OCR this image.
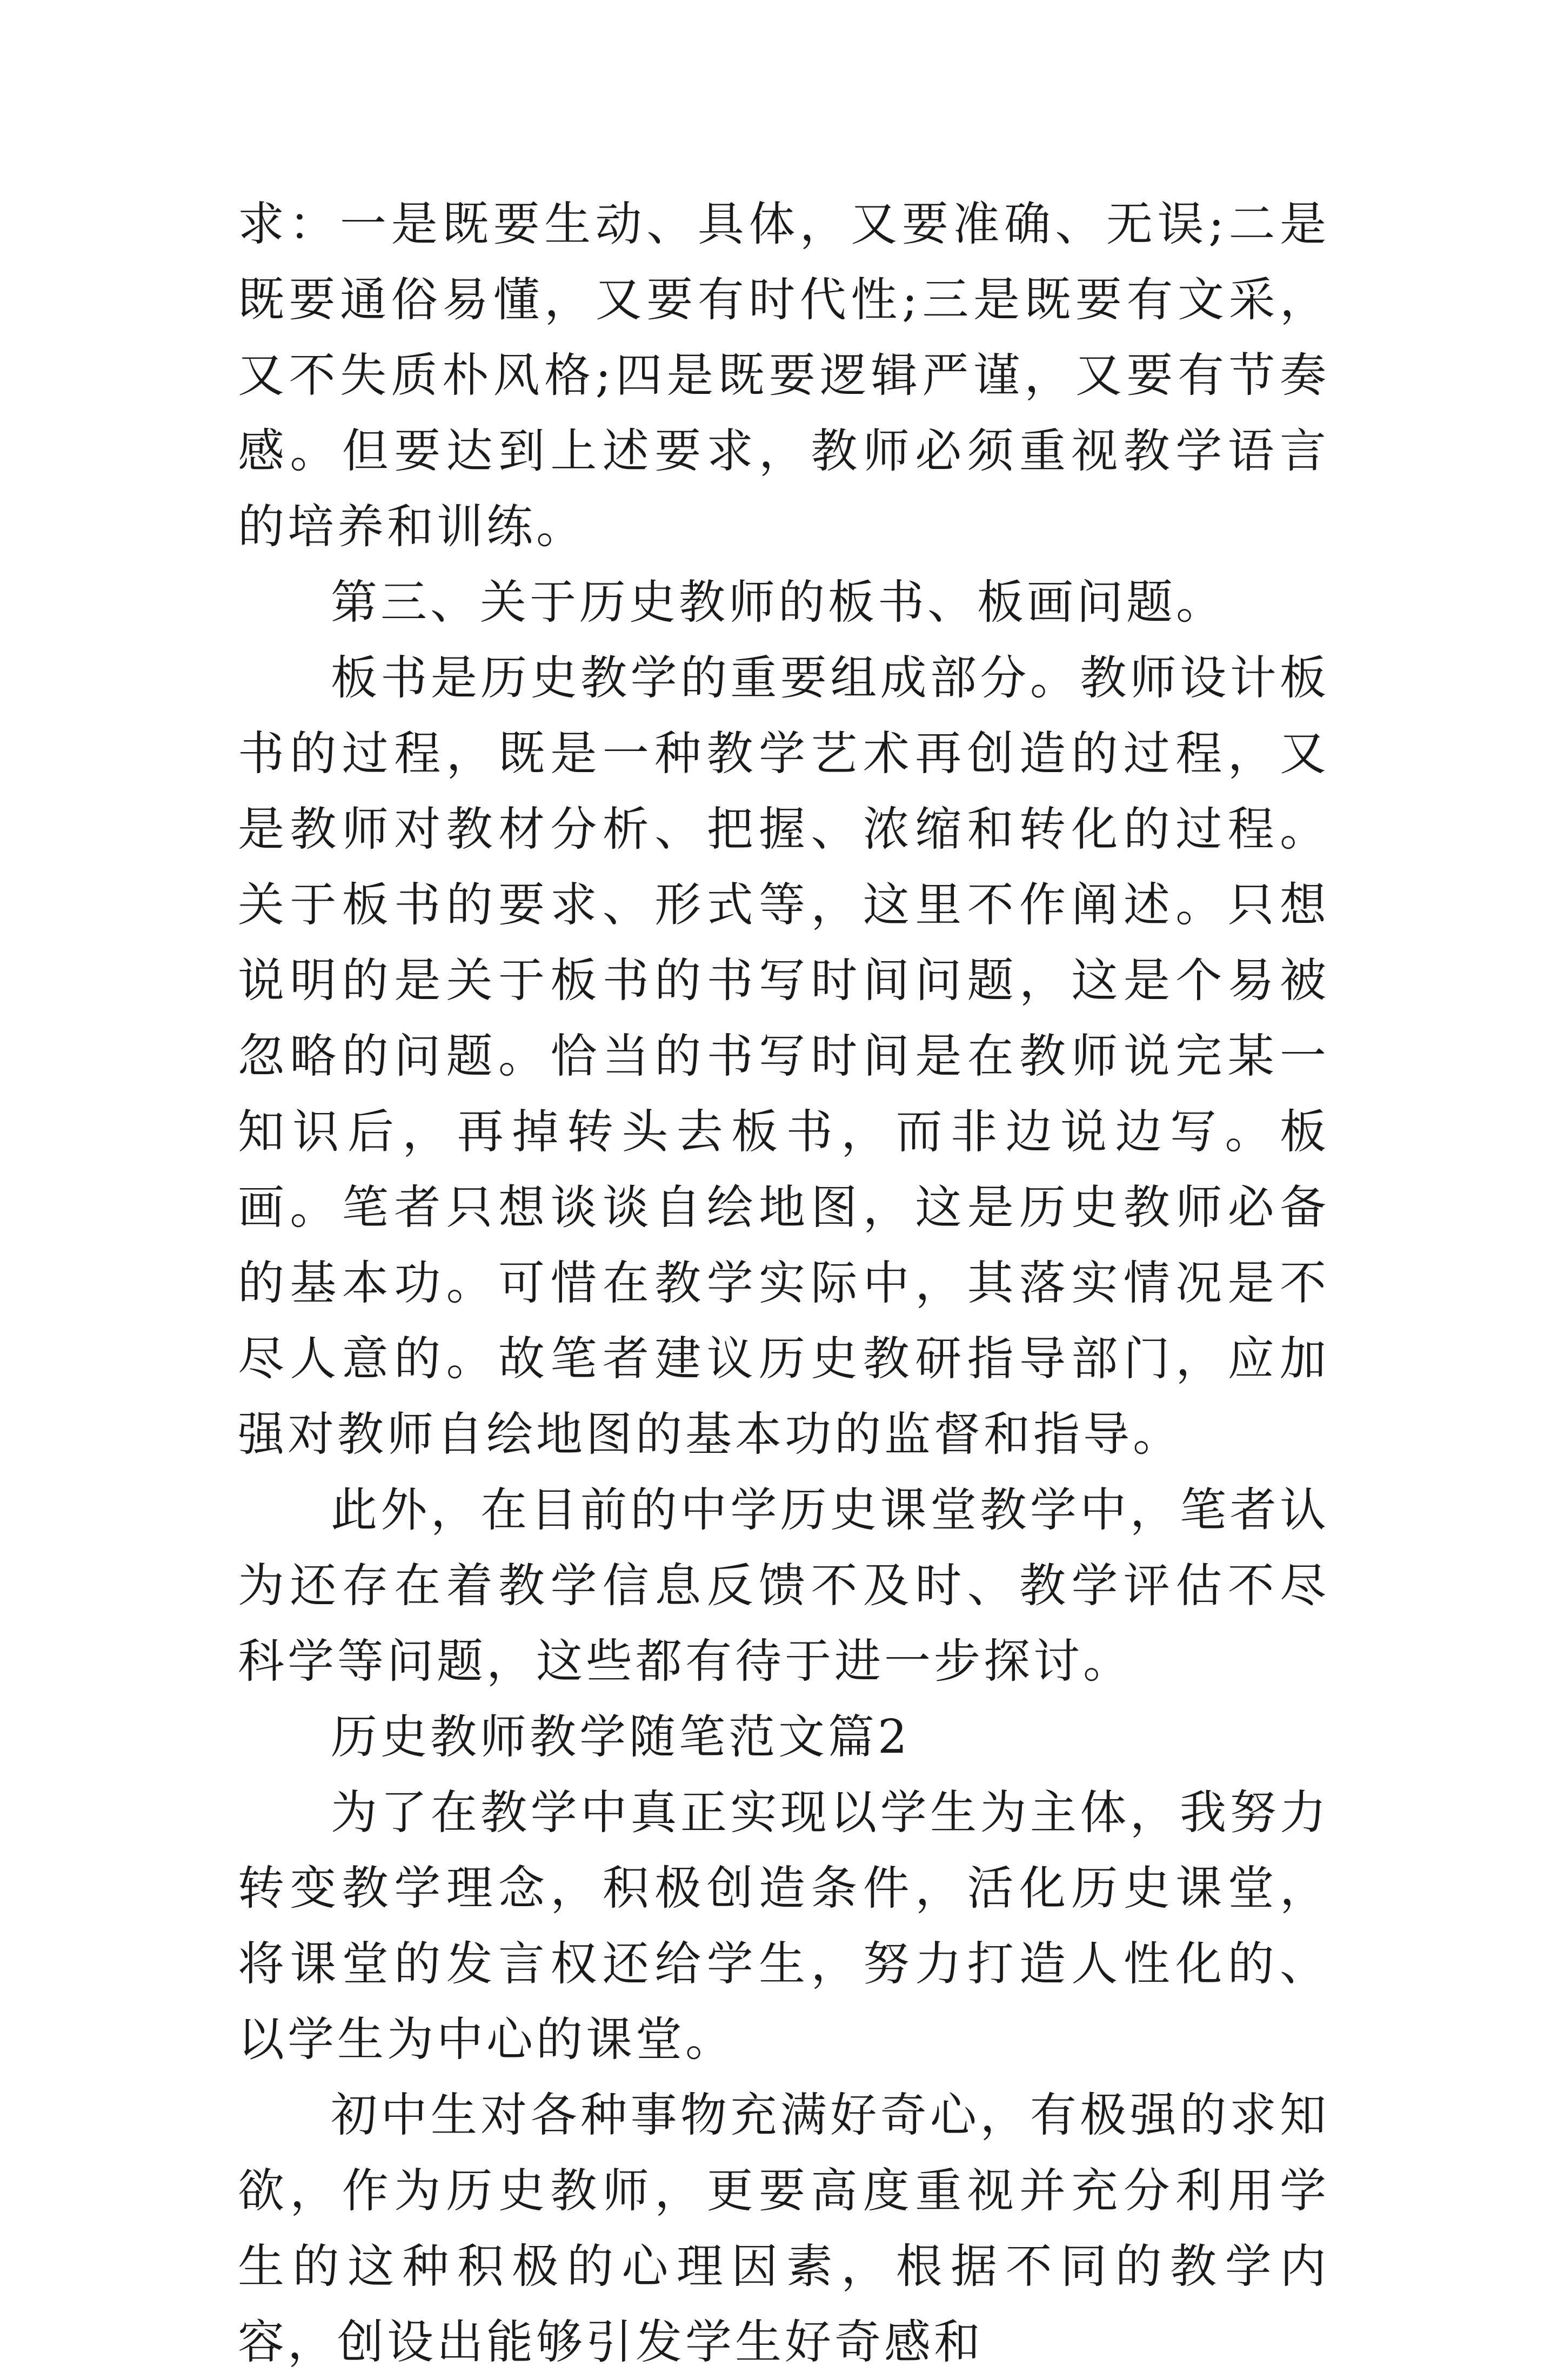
求：一是既要生动、具体，又要准确、无误;二是既要通俗易懂，又要有时代性;三是既要有文采，又不失质朴风格;四是既要逻辑严谨，又要有节奏感。但要达到上述要求，教师必须重视教学语言的培养和训练。

第三、关于历史教师的板书、板画问题。

板书是历史教学的重要组成部分。教师设计板书的过程，既是一种教学艺术再创造的过程，又是教师对教材分析、把握、浓缩和转化的过程。关于板书的要求、形式等，这里不作阐述。只想说明的是关于板书的书写时间问题，这是个易被忽略的问题。恰当的书写时间是在教师说完某一知识后，再掉转头去板书，而非边说边写。板画。笔者只想谈谈自绘地图，这是历史教师必备的基本功。可惜在教学实际中，其落实情况是不尽人意的。故笔者建议历史教研指导部门，应加强对教师自绘地图的基本功的监督和指导。

此外，在目前的中学历史课堂教学中，笔者认为还存在着教学信息反馈不及时、教学评估不尽科学等问题，这些都有待于进一步探讨。

历史教师教学随笔范文篇2

为了在教学中真正实现以学生为主体，我努力转变教学理念，积极创造条件，活化历史课堂，将课堂的发言权还给学生，努力打造人性化的、以学生为中心的课堂。

初中生对各种事物充满好奇心，有极强的求知欲，作为历史教师，更要高度重视并充分利用学生的这种积极的心理因素，根据不同的教学内容，创设出能够引发学生好奇感和
